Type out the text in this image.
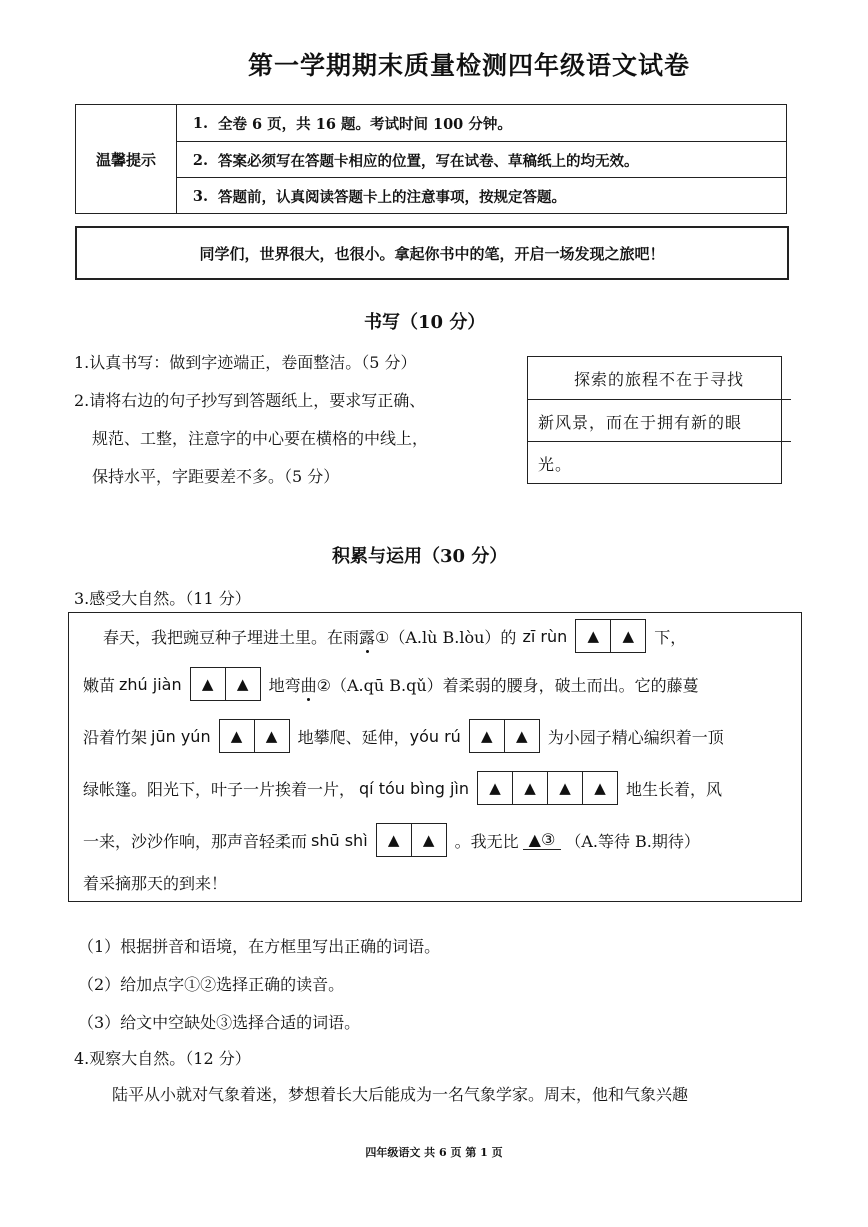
第一学期期末质量检测四年级语文试卷
温馨提示
1. 全卷 6 页，共 16 题。考试时间 100 分钟。
2. 答案必须写在答题卡相应的位置，写在试卷、草稿纸上的均无效。
3. 答题前，认真阅读答题卡上的注意事项，按规定答题。
同学们，世界很大，也很小。拿起你书中的笔，开启一场发现之旅吧！
书写（10 分）
1.认真书写：做到字迹端正，卷面整洁。（5 分）
2.请将右边的句子抄写到答题纸上，要求写正确、
规范、工整，注意字的中心要在横格的中线上，
保持水平，字距要差不多。（5 分）
探索的旅程不在于寻找
新风景，而在于拥有新的眼
光。
积累与运用（30 分）
3.感受大自然。（11 分）
春天，我把豌豆种子埋进土里。在雨 露 ①（A.lù B.lòu）的 zī rùn	▲	▲	下，
嫩苗 zhú jiàn	▲	▲	地弯 曲 ②（A.qū B.qǔ）着柔弱的腰身，破土而出。它的藤蔓
沿着竹架 jūn yún	▲	▲	地攀爬、延伸， yóu rú	▲	▲	为小园子精心编织着一顶
绿帐篷。阳光下，叶子一片挨着一片， qí tóu bìng jìn	▲	▲	▲	▲	地生长着，风
一来，沙沙作响，那声音轻柔而 shū shì	▲	▲	。我无比 ▲③ （A.等待 B.期待）
着采摘那天的到来！
（1）根据拼音和语境，在方框里写出正确的词语。
（2）给加点字①②选择正确的读音。
（3）给文中空缺处③选择合适的词语。
4.观察大自然。（12 分）
陆平从小就对气象着迷，梦想着长大后能成为一名气象学家。周末，他和气象兴趣
四年级语文 共 6 页 第 1 页
